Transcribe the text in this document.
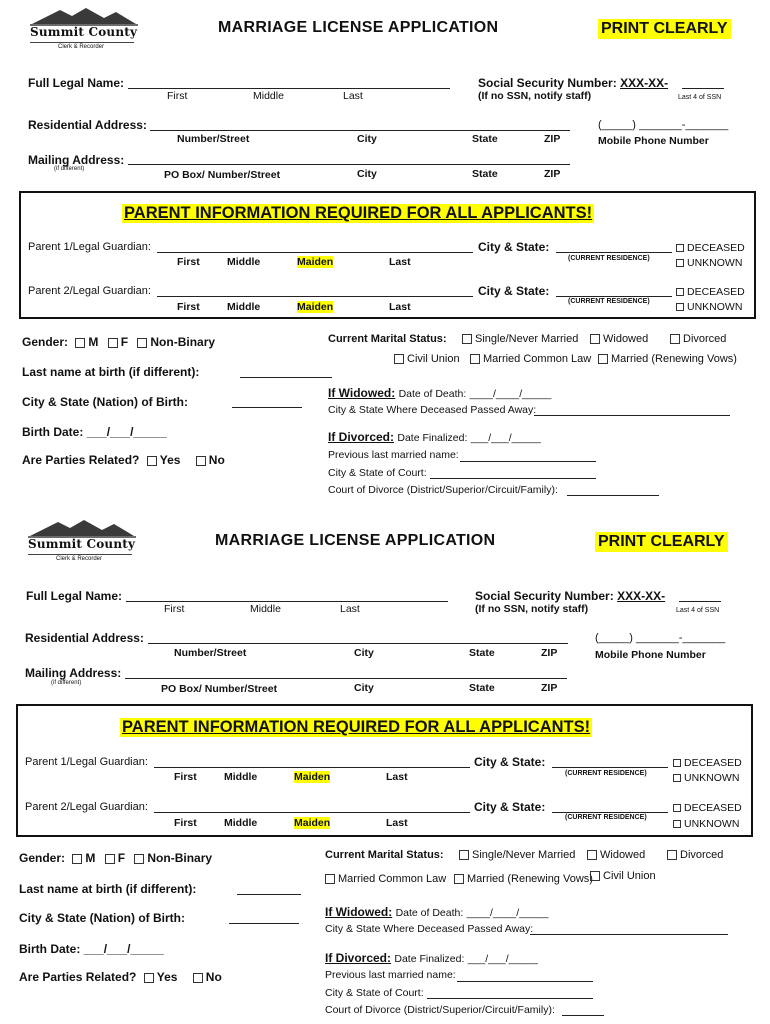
Summit County
Clerk & Recorder
MARRIAGE LICENSE APPLICATION	PRINT CLEARLY
Full Legal Name:
First	Middle	Last
Social Security Number: XXX-XX-
(If no SSN, notify staff)	Last 4 of SSN
Residential Address:
Number/Street	City	State	ZIP
(_____) _______-_______
Mobile Phone Number
Mailing Address:
(if different)	PO Box/ Number/Street	City	State	ZIP
PARENT INFORMATION REQUIRED FOR ALL APPLICANTS!
Parent 1/Legal Guardian:
First	Middle	Maiden	Last
City & State:
(CURRENT RESIDENCE)
DECEASED
UNKNOWN
Parent 2/Legal Guardian:
First	Middle	Maiden	Last
City & State:
(CURRENT RESIDENCE)
DECEASED
UNKNOWN
Gender: M F Non-Binary
Last name at birth (if different):
City & State (Nation) of Birth:
Birth Date: ___/___/_____
Are Parties Related? Yes No
Current Marital Status:	Single/Never Married	Widowed	Divorced
Civil Union	Married Common Law	Married (Renewing Vows)
If Widowed: Date of Death: ____/____/_____
City & State Where Deceased Passed Away:
If Divorced: Date Finalized: ___/___/_____
Previous last married name:
City & State of Court:
Court of Divorce (District/Superior/Circuit/Family):
Summit County
Clerk & Recorder
MARRIAGE LICENSE APPLICATION	PRINT CLEARLY
Full Legal Name:
First	Middle	Last
Social Security Number: XXX-XX-
(If no SSN, notify staff)	Last 4 of SSN
Residential Address:
Number/Street	City	State	ZIP
(_____) _______-_______
Mobile Phone Number
Mailing Address:
(if different)	PO Box/ Number/Street	City	State	ZIP
PARENT INFORMATION REQUIRED FOR ALL APPLICANTS!
Parent 1/Legal Guardian:
First	Middle	Maiden	Last
City & State:
(CURRENT RESIDENCE)
DECEASED
UNKNOWN
Parent 2/Legal Guardian:
First	Middle	Maiden	Last
City & State:
(CURRENT RESIDENCE)
DECEASED
UNKNOWN
Gender: M F Non-Binary
Last name at birth (if different):
City & State (Nation) of Birth:
Birth Date: ___/___/_____
Are Parties Related? Yes No
Current Marital Status:	Single/Never Married	Widowed	Divorced
Married Common Law	Married (Renewing Vows) Civil Union
If Widowed: Date of Death: ____/____/_____
City & State Where Deceased Passed Away:
If Divorced: Date Finalized: ___/___/_____
Previous last married name:
City & State of Court:
Court of Divorce (District/Superior/Circuit/Family):
